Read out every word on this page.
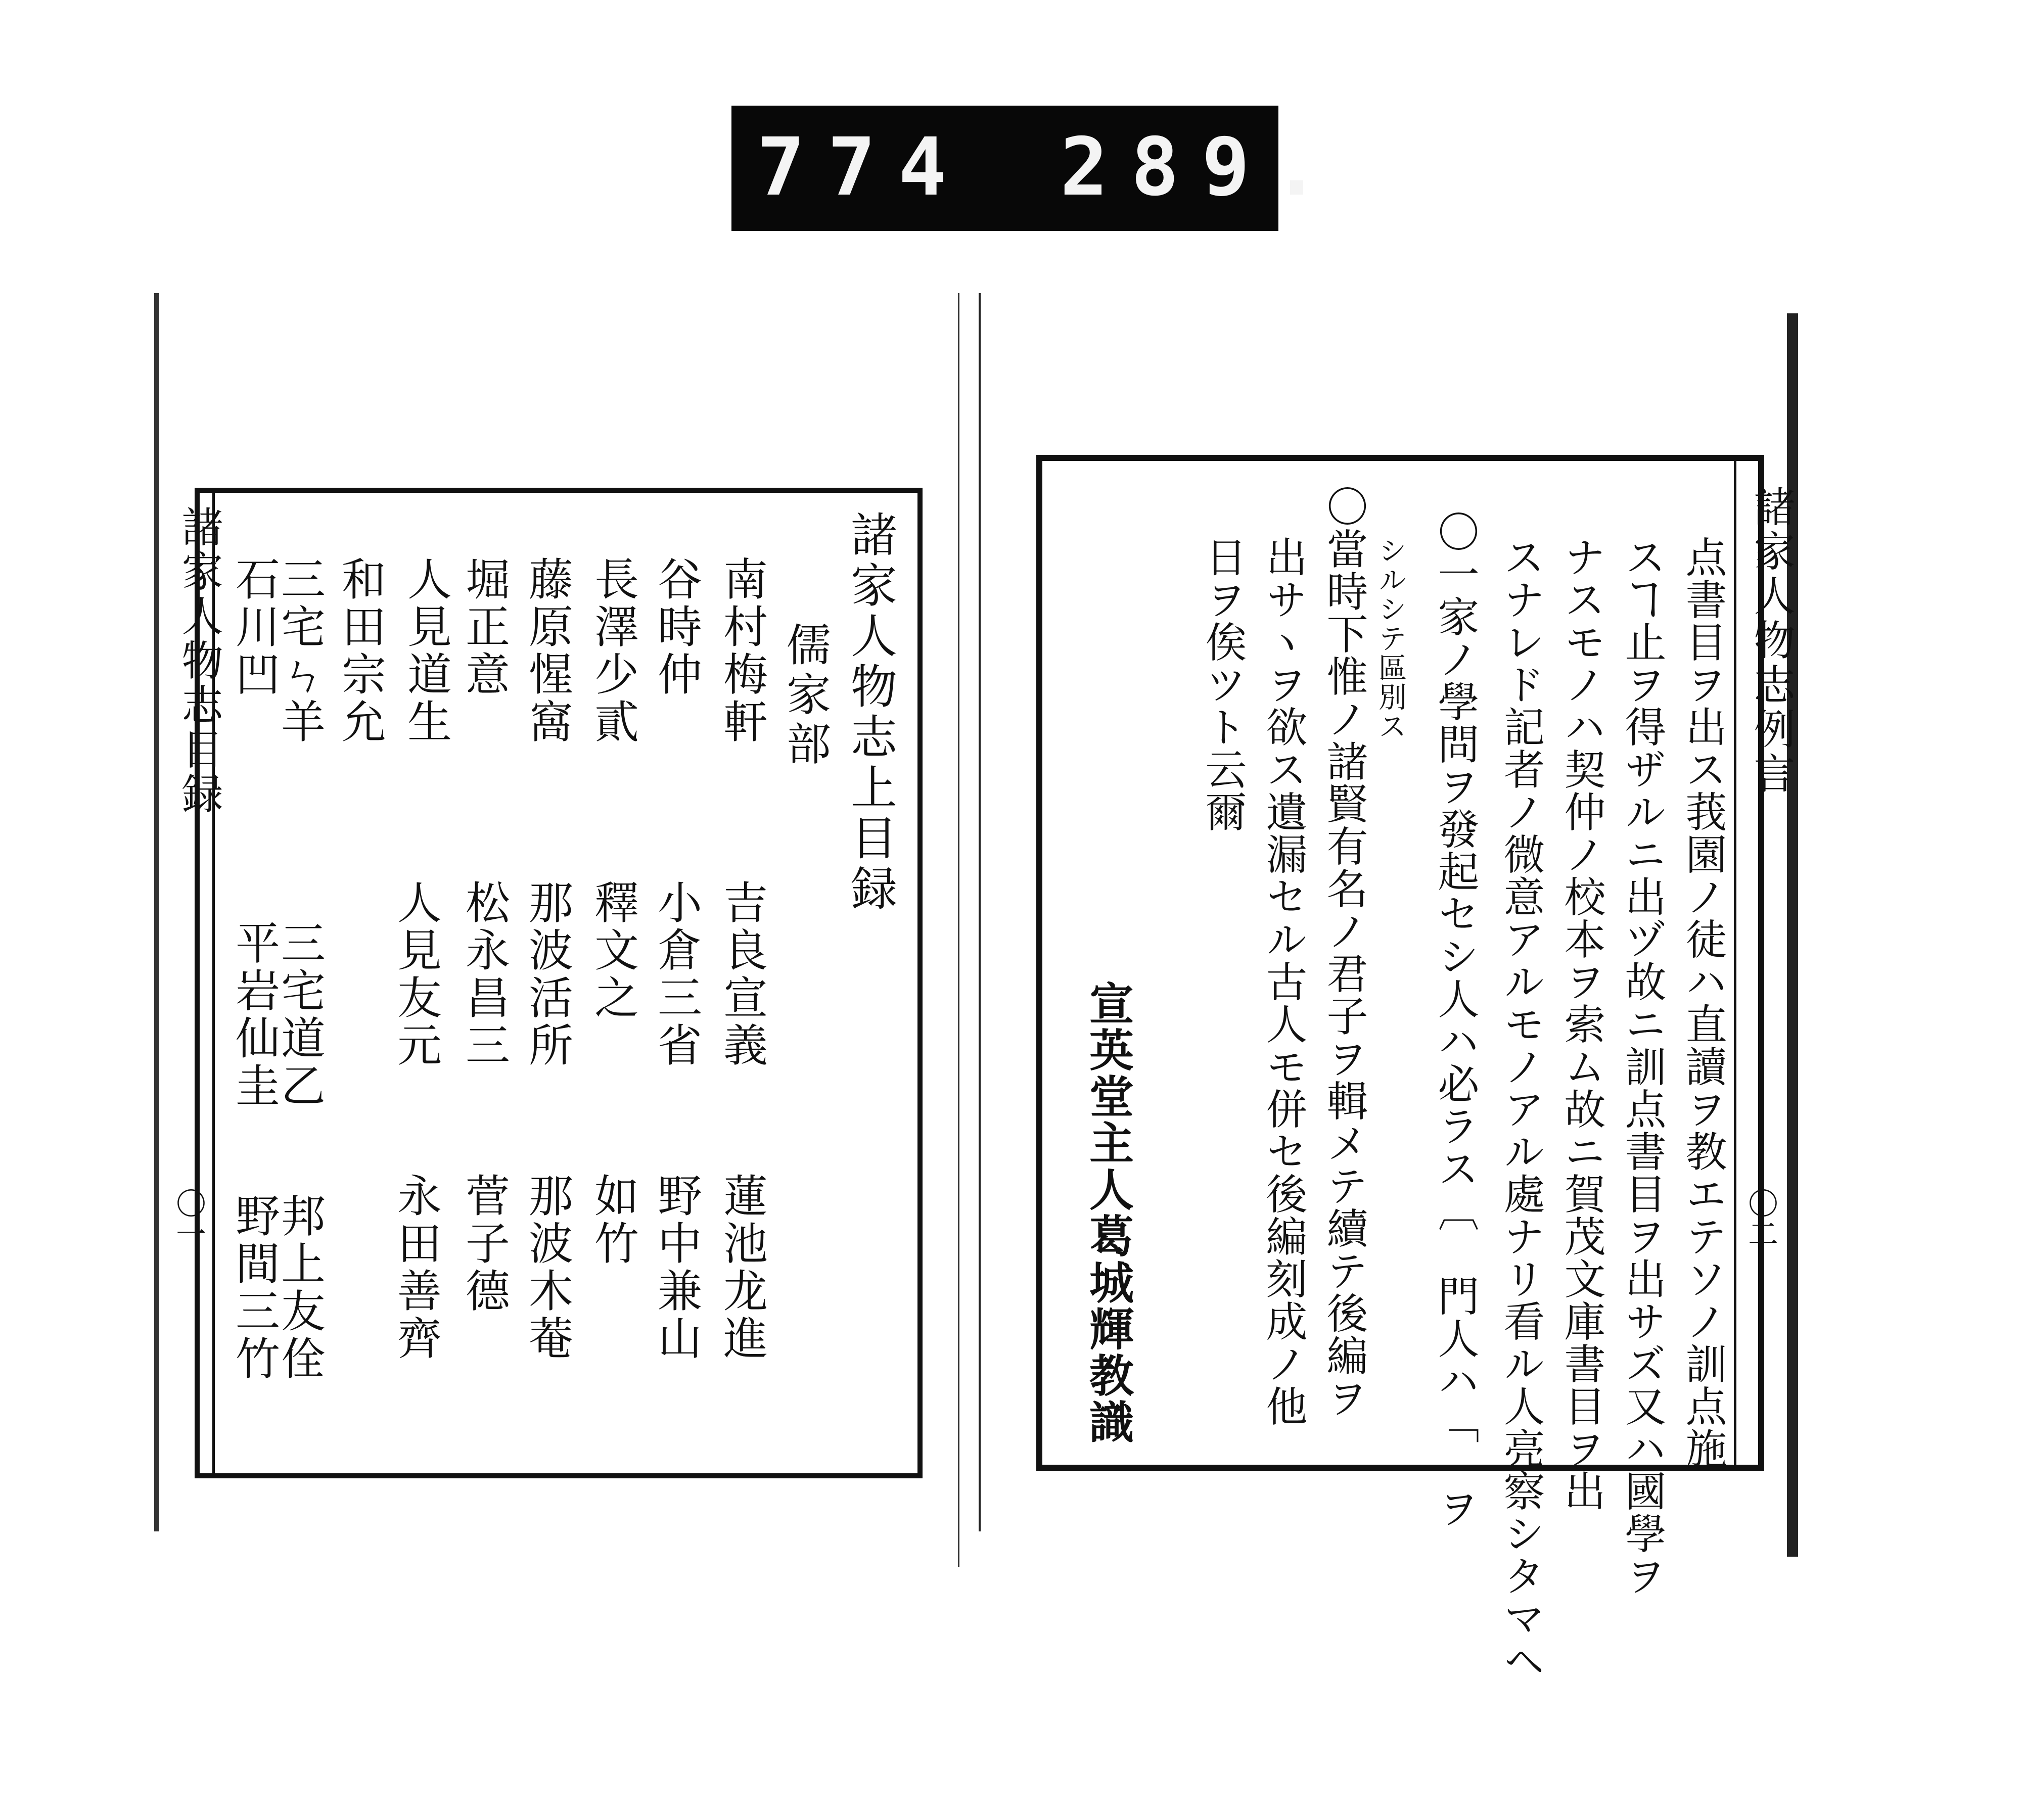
774 289.
諸家人物志目録	諸家人物志上目録
儒家部
南村梅軒
谷時仲
長澤少貳
藤原惺窩
堀正意
人見道生
和田宗允
三宅ㄣ羊
石川凹
吉良宣義
小倉三省
釋文之
那波活所
松永昌三
人見友元
三宅道乙
平岩仙圭
蓮池龙進
野中兼山
如竹
那波木菴
菅子德
永田善齊
邦上友佺
野間三竹
〇一
諸家人物志例言
点書目ヲ出ス莪園ノ徒ハ直讀ヲ教エテソノ訓点施
スヿ止ヲ得ザルニ出ヅ故ニ訓点書目ヲ出サズ又ハ國學ヲ
ナスモノハ契仲ノ校本ヲ索ム故ニ賀茂文庫書目ヲ出
スナレド記者ノ微意アルモノアル處ナリ看ル人亮察シタマヘ
〇一家ノ學問ヲ發起セシ人ハ必ラス〔　門人ハ「　ヲ
シルシテ區別ス
〇當時下惟ノ諸賢有名ノ君子ヲ輯メテ續テ後編ヲ
出サヽヲ欲ス遺漏セル古人モ併セ後編刻成ノ他
日ヲ俟ツト云爾
宣英堂主人葛城輝教識	〇二
